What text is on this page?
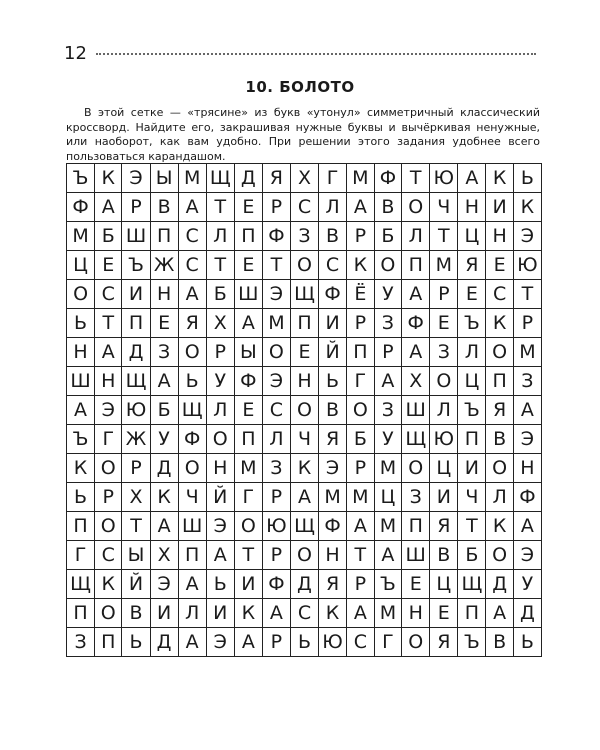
12
10. БОЛОТО
В этой сетке — «трясине» из букв «утонул» симметричный классический кроссворд. Найдите его, закрашивая нужные буквы и вычёркивая ненужные, или наоборот, как вам удобно. При решении этого задания удобнее всего пользоваться карандашом.
Ъ	К	Э	Ы	М	Щ	Д	Я	Х	Г	М	Ф	Т	Ю	А	К	Ь
Ф	А	Р	В	А	Т	Е	Р	С	Л	А	В	О	Ч	Н	И	К
М	Б	Ш	П	С	Л	П	Ф	З	В	Р	Б	Л	Т	Ц	Н	Э
Ц	Е	Ъ	Ж	С	Т	Е	Т	О	С	К	О	П	М	Я	Е	Ю
О	С	И	Н	А	Б	Ш	Э	Щ	Ф	Ё	У	А	Р	Е	С	Т
Ь	Т	П	Е	Я	Х	А	М	П	И	Р	З	Ф	Е	Ъ	К	Р
Н	А	Д	З	О	Р	Ы	О	Е	Й	П	Р	А	З	Л	О	М
Ш	Н	Щ	А	Ь	У	Ф	Э	Н	Ь	Г	А	Х	О	Ц	П	З
А	Э	Ю	Б	Щ	Л	Е	С	О	В	О	З	Ш	Л	Ъ	Я	А
Ъ	Г	Ж	У	Ф	О	П	Л	Ч	Я	Б	У	Щ	Ю	П	В	Э
К	О	Р	Д	О	Н	М	З	К	Э	Р	М	О	Ц	И	О	Н
Ь	Р	Х	К	Ч	Й	Г	Р	А	М	М	Ц	З	И	Ч	Л	Ф
П	О	Т	А	Ш	Э	О	Ю	Щ	Ф	А	М	П	Я	Т	К	А
Г	С	Ы	Х	П	А	Т	Р	О	Н	Т	А	Ш	В	Б	О	Э
Щ	К	Й	Э	А	Ь	И	Ф	Д	Я	Р	Ъ	Е	Ц	Щ	Д	У
П	О	В	И	Л	И	К	А	С	К	А	М	Н	Е	П	А	Д
З	П	Ь	Д	А	Э	А	Р	Ь	Ю	С	Г	О	Я	Ъ	В	Ь
